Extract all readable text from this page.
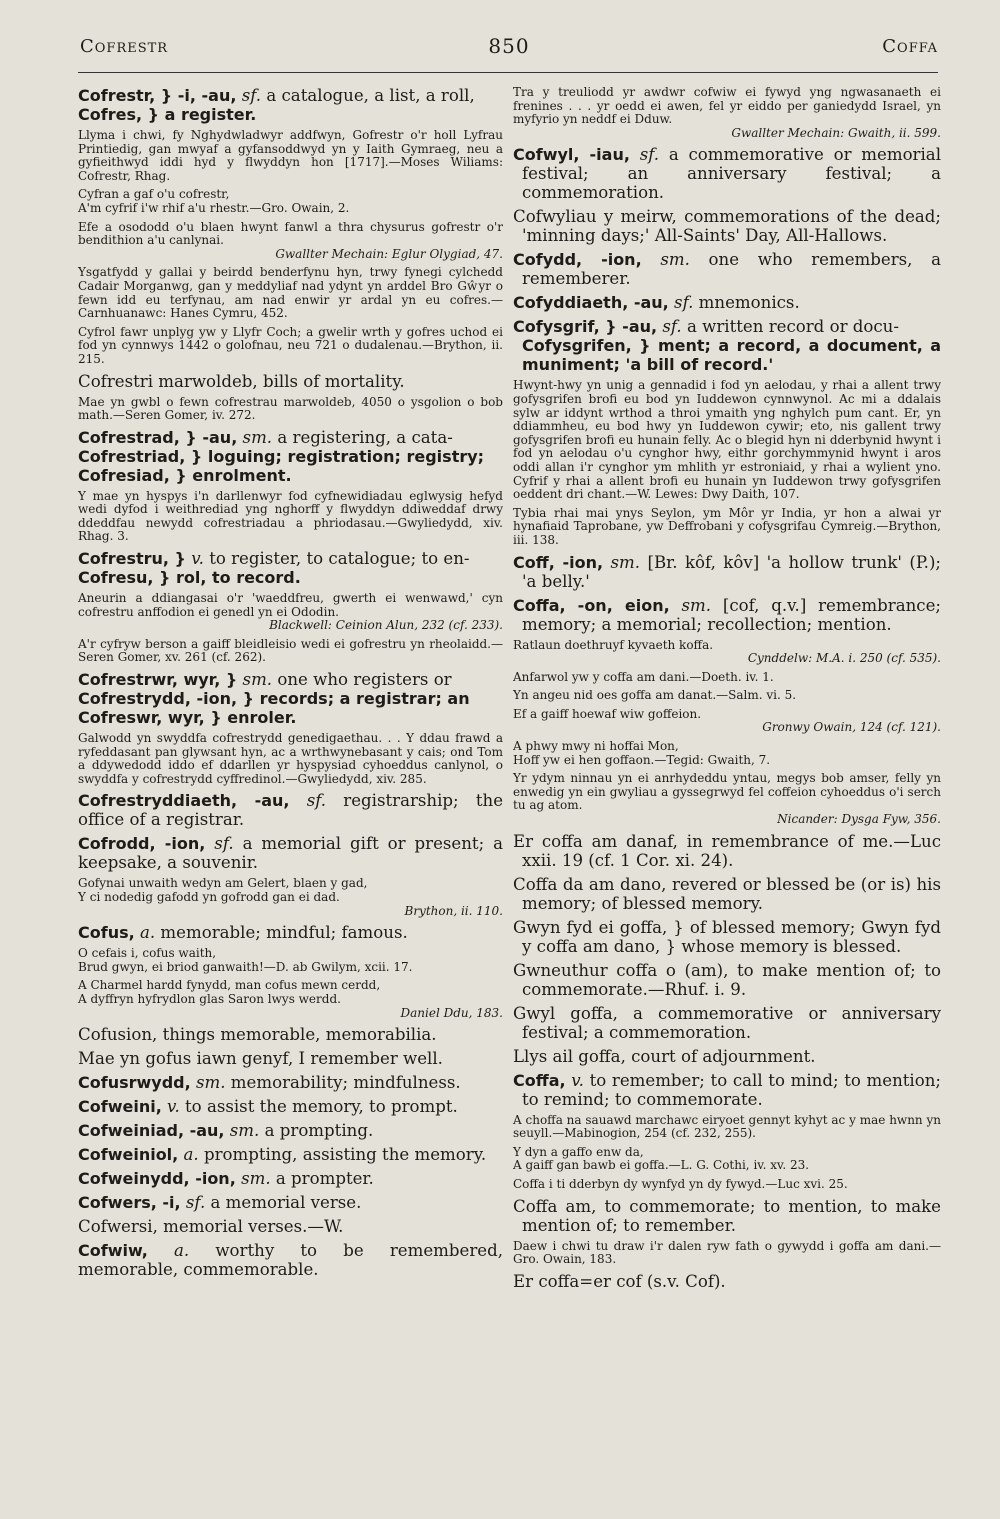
Cofrestr	850	Coffa
Cofrestr, } -i, -au, sf. a catalogue, a list, a roll,
Cofres, } a register.
Llyma i chwi, fy Nghydwladwyr addfwyn, Gofrestr o'r holl Lyfrau Printiedig, gan mwyaf a gyfansoddwyd yn y Iaith Gymraeg, neu a gyfieithwyd iddi hyd y flwyddyn hon [1717].—Moses Wiliams: Cofrestr, Rhag.
Cyfran a gaf o'u cofrestr,
A'm cyfrif i'w rhif a'u rhestr.—Gro. Owain, 2.
Efe a osododd o'u blaen hwynt fanwl a thra chysurus gofrestr o'r bendithion a'u canlynai.
Gwallter Mechain: Eglur Olygiad, 47.
Ysgatfydd y gallai y beirdd benderfynu hyn, trwy fynegi cylchedd Cadair Morganwg, gan y meddyliaf nad ydynt yn arddel Bro Gŵyr o fewn idd eu terfynau, am nad enwir yr ardal yn eu cofres.—Carnhuanawc: Hanes Cymru, 452.
Cyfrol fawr unplyg yw y Llyfr Coch; a gwelir wrth y gofres uchod ei fod yn cynnwys 1442 o golofnau, neu 721 o dudalenau.—Brython, ii. 215.
Cofrestri marwoldeb, bills of mortality.
Mae yn gwbl o fewn cofrestrau marwoldeb, 4050 o ysgolion o bob math.—Seren Gomer, iv. 272.
Cofrestrad, } -au, sm. a registering, a cata-
Cofrestriad, } loguing; registration; registry;
Cofresiad, } enrolment.
Y mae yn hyspys i'n darllenwyr fod cyfnewidiadau eglwysig hefyd wedi dyfod i weithrediad yng nghorff y flwyddyn ddiweddaf drwy ddeddfau newydd cofrestriadau a phriodasau.—Gwyliedydd, xiv. Rhag. 3.
Cofrestru, } v. to register, to catalogue; to en-
Cofresu, } rol, to record.
Aneurin a ddiangasai o'r 'waeddfreu, gwerth ei wenwawd,' cyn cofrestru anffodion ei genedl yn ei Ododin.
Blackwell: Ceinion Alun, 232 (cf. 233).
A'r cyfryw berson a gaiff bleidleisio wedi ei gofrestru yn rheolaidd.—Seren Gomer, xv. 261 (cf. 262).
Cofrestrwr, wyr, } sm. one who registers or
Cofrestrydd, -ion, } records; a registrar; an
Cofreswr, wyr, } enroler.
Galwodd yn swyddfa cofrestrydd genedigaethau. . . Y ddau frawd a ryfeddasant pan glywsant hyn, ac a wrthwynebasant y cais; ond Tom a ddywedodd iddo ef ddarllen yr hyspysiad cyhoeddus canlynol, o swyddfa y cofrestrydd cyffredinol.—Gwyliedydd, xiv. 285.
Cofrestryddiaeth, -au, sf. registrarship; the office of a registrar.
Cofrodd, -ion, sf. a memorial gift or present; a keepsake, a souvenir.
Gofynai unwaith wedyn am Gelert, blaen y gad,
Y ci nodedig gafodd yn gofrodd gan ei dad.
Brython, ii. 110.
Cofus, a. memorable; mindful; famous.
O cefais i, cofus waith,
Brud gwyn, ei briod ganwaith!—D. ab Gwilym, xcii. 17.
A Charmel hardd fynydd, man cofus mewn cerdd,
A dyffryn hyfrydlon glas Saron lwys werdd.
Daniel Ddu, 183.
Cofusion, things memorable, memorabilia.
Mae yn gofus iawn genyf, I remember well.
Cofusrwydd, sm. memorability; mindfulness.
Cofweini, v. to assist the memory, to prompt.
Cofweiniad, -au, sm. a prompting.
Cofweiniol, a. prompting, assisting the memory.
Cofweinydd, -ion, sm. a prompter.
Cofwers, -i, sf. a memorial verse.
Cofwersi, memorial verses.—W.
Cofwiw, a. worthy to be remembered, memorable, commemorable.
Tra y treuliodd yr awdwr cofwiw ei fywyd yng ngwasanaeth ei frenines . . . yr oedd ei awen, fel yr eiddo per ganiedydd Israel, yn myfyrio yn neddf ei Dduw.
Gwallter Mechain: Gwaith, ii. 599.
Cofwyl, -iau, sf. a commemorative or memorial festival; an anniversary festival; a commemoration.
Cofwyliau y meirw, commemorations of the dead; 'minning days;' All-Saints' Day, All-Hallows.
Cofydd, -ion, sm. one who remembers, a rememberer.
Cofyddiaeth, -au, sf. mnemonics.
Cofysgrif, } -au, sf. a written record or docu-
Cofysgrifen, } ment; a record, a document, a muniment; 'a bill of record.'
Hwynt-hwy yn unig a gennadid i fod yn aelodau, y rhai a allent trwy gofysgrifen brofi eu bod yn Iuddewon cynnwynol. Ac mi a ddalais sylw ar iddynt wrthod a throi ymaith yng nghylch pum cant. Er, yn ddiammheu, eu bod hwy yn Iuddewon cywir; eto, nis gallent trwy gofysgrifen brofi eu hunain felly. Ac o blegid hyn ni dderbynid hwynt i fod yn aelodau o'u cynghor hwy, eithr gorchymmynid hwynt i aros oddi allan i'r cynghor ym mhlith yr estroniaid, y rhai a wylient yno. Cyfrif y rhai a allent brofi eu hunain yn Iuddewon trwy gofysgrifen oeddent dri chant.—W. Lewes: Dwy Daith, 107.
Tybia rhai mai ynys Seylon, ym Môr yr India, yr hon a alwai yr hynafiaid Taprobane, yw Deffrobani y cofysgrifau Cymreig.—Brython, iii. 138.
Coff, -ion, sm. [Br. kôf, kôv] 'a hollow trunk' (P.); 'a belly.'
Coffa, -on, eion, sm. [cof, q.v.] remembrance; memory; a memorial; recollection; mention.
Ratlaun doethruyf kyvaeth koffa.
Cynddelw: M.A. i. 250 (cf. 535).
Anfarwol yw y coffa am dani.—Doeth. iv. 1.
Yn angeu nid oes goffa am danat.—Salm. vi. 5.
Ef a gaiff hoewaf wiw goffeion.
Gronwy Owain, 124 (cf. 121).
A phwy mwy ni hoffai Mon,
Hoff yw ei hen goffaon.—Tegid: Gwaith, 7.
Yr ydym ninnau yn ei anrhydeddu yntau, megys bob amser, felly yn enwedig yn ein gwyliau a gyssegrwyd fel coffeion cyhoeddus o'i serch tu ag atom.
Nicander: Dysga Fyw, 356.
Er coffa am danaf, in remembrance of me.—Luc xxii. 19 (cf. 1 Cor. xi. 24).
Coffa da am dano, revered or blessed be (or is) his memory; of blessed memory.
Gwyn fyd ei goffa, } of blessed memory; Gwyn fyd y coffa am dano, } whose memory is blessed.
Gwneuthur coffa o (am), to make mention of; to commemorate.—Rhuf. i. 9.
Gwyl goffa, a commemorative or anniversary festival; a commemoration.
Llys ail goffa, court of adjournment.
Coffa, v. to remember; to call to mind; to mention; to remind; to commemorate.
A choffa na sauawd marchawc eiryoet gennyt kyhyt ac y mae hwnn yn seuyll.—Mabinogion, 254 (cf. 232, 255).
Y dyn a gaffo enw da,
A gaiff gan bawb ei goffa.—L. G. Cothi, iv. xv. 23.
Coffa i ti dderbyn dy wynfyd yn dy fywyd.—Luc xvi. 25.
Coffa am, to commemorate; to mention, to make mention of; to remember.
Daew i chwi tu draw i'r dalen ryw fath o gywydd i goffa am dani.—Gro. Owain, 183.
Er coffa=er cof (s.v. Cof).
